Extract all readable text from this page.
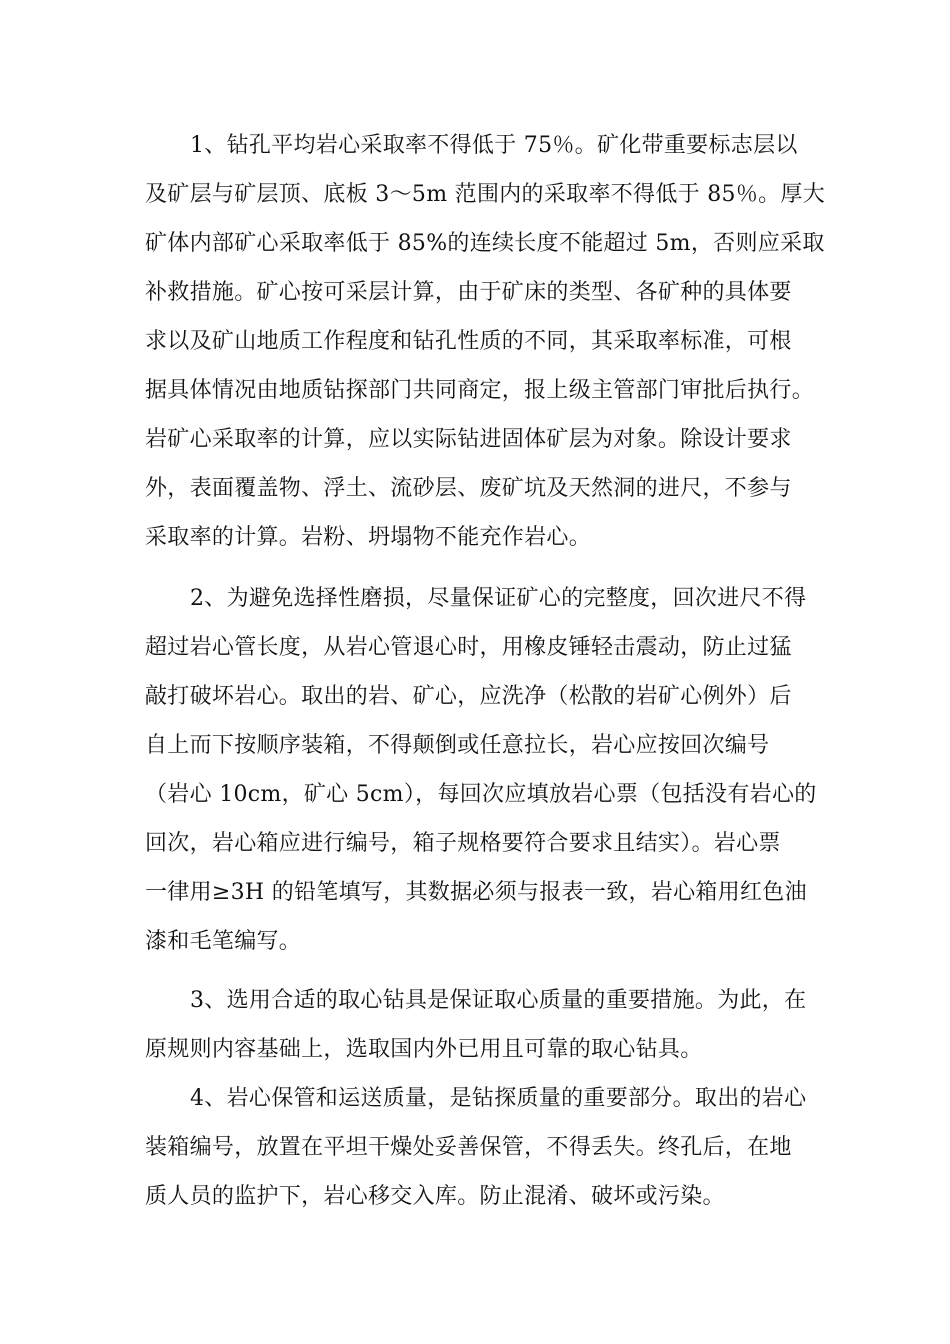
1、钻孔平均岩心采取率不得低于 75％。矿化带重要标志层以
及矿层与矿层顶、底板 3～5m 范围内的采取率不得低于 85％。厚大
矿体内部矿心采取率低于 85%的连续长度不能超过 5m，否则应采取
补救措施。矿心按可采层计算，由于矿床的类型、各矿种的具体要
求以及矿山地质工作程度和钻孔性质的不同，其采取率标准，可根
据具体情况由地质钻探部门共同商定，报上级主管部门审批后执行。
岩矿心采取率的计算，应以实际钻进固体矿层为对象。除设计要求
外，表面覆盖物、浮土、流砂层、废矿坑及天然洞的进尺，不参与
采取率的计算。岩粉、坍塌物不能充作岩心。
2、为避免选择性磨损，尽量保证矿心的完整度，回次进尺不得
超过岩心管长度，从岩心管退心时，用橡皮锤轻击震动，防止过猛
敲打破坏岩心。取出的岩、矿心，应洗净（松散的岩矿心例外）后
自上而下按顺序装箱，不得颠倒或任意拉长，岩心应按回次编号
（岩心 10cm，矿心 5cm），每回次应填放岩心票（包括没有岩心的
回次，岩心箱应进行编号，箱子规格要符合要求且结实）。岩心票
一律用≥3H 的铅笔填写，其数据必须与报表一致，岩心箱用红色油
漆和毛笔编写。
3、选用合适的取心钻具是保证取心质量的重要措施。为此，在
原规则内容基础上，选取国内外已用且可靠的取心钻具。
4、岩心保管和运送质量，是钻探质量的重要部分。取出的岩心
装箱编号，放置在平坦干燥处妥善保管，不得丢失。终孔后，在地
质人员的监护下，岩心移交入库。防止混淆、破坏或污染。
